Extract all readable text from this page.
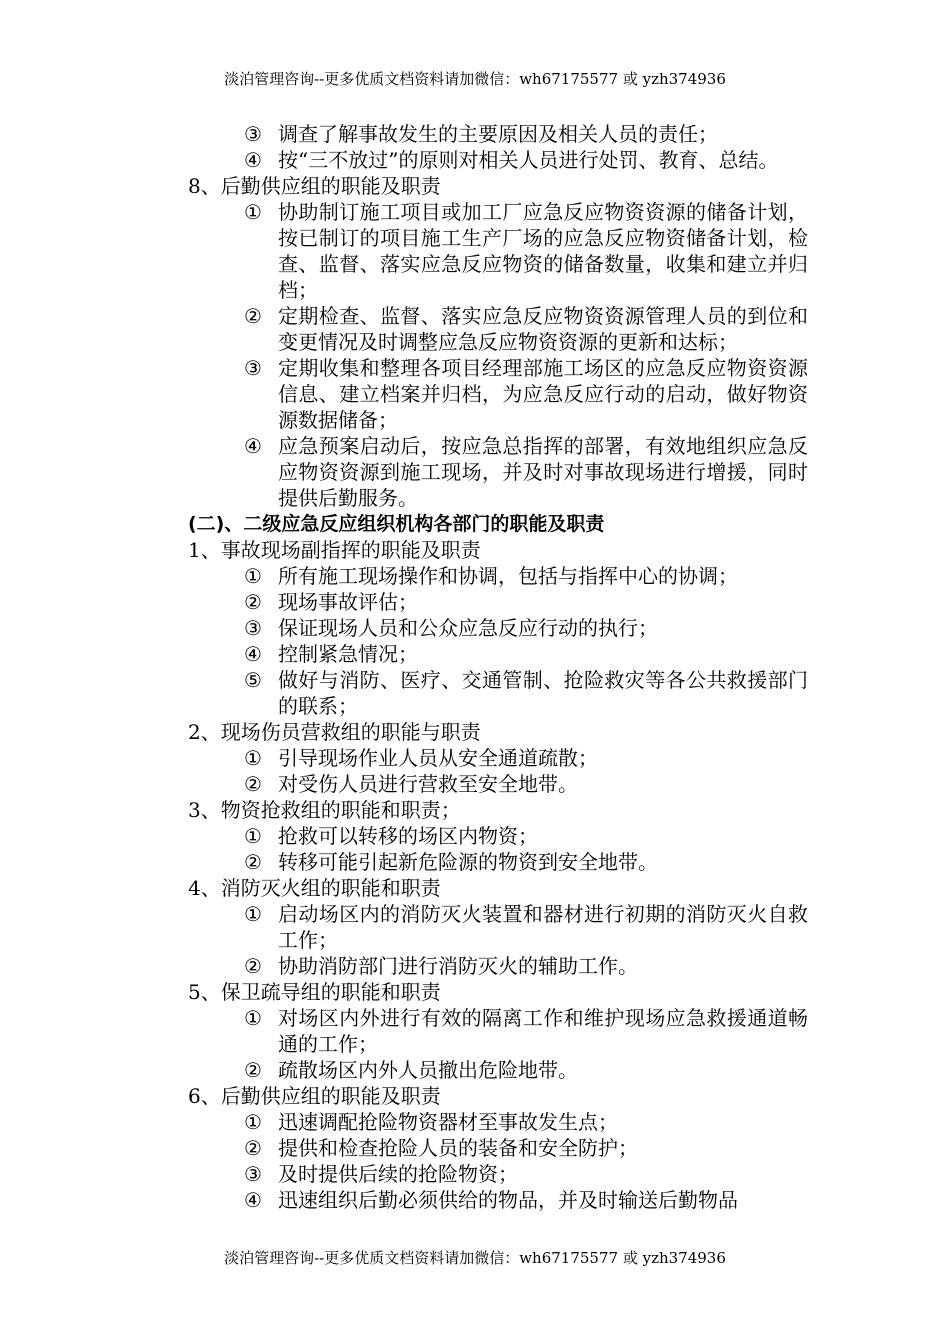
淡泊管理咨询--更多优质文档资料请加微信：wh67175577 或 yzh374936
③ 调查了解事故发生的主要原因及相关人员的责任；
④ 按“三不放过”的原则对相关人员进行处罚、教育、总结。
8、后勤供应组的职能及职责
① 协助制订施工项目或加工厂应急反应物资资源的储备计划，按已制订的项目施工生产厂场的应急反应物资储备计划，检查、监督、落实应急反应物资的储备数量，收集和建立并归档；
② 定期检查、监督、落实应急反应物资资源管理人员的到位和变更情况及时调整应急反应物资资源的更新和达标；
③ 定期收集和整理各项目经理部施工场区的应急反应物资资源信息、建立档案并归档，为应急反应行动的启动，做好物资源数据储备；
④ 应急预案启动后，按应急总指挥的部署，有效地组织应急反应物资资源到施工现场，并及时对事故现场进行增援，同时提供后勤服务。
(二)、二级应急反应组织机构各部门的职能及职责
1、事故现场副指挥的职能及职责
① 所有施工现场操作和协调，包括与指挥中心的协调；
② 现场事故评估；
③ 保证现场人员和公众应急反应行动的执行；
④ 控制紧急情况；
⑤ 做好与消防、医疗、交通管制、抢险救灾等各公共救援部门的联系；
2、现场伤员营救组的职能与职责
① 引导现场作业人员从安全通道疏散；
② 对受伤人员进行营救至安全地带。
3、物资抢救组的职能和职责；
① 抢救可以转移的场区内物资；
② 转移可能引起新危险源的物资到安全地带。
4、消防灭火组的职能和职责
① 启动场区内的消防灭火装置和器材进行初期的消防灭火自救工作；
② 协助消防部门进行消防灭火的辅助工作。
5、保卫疏导组的职能和职责
① 对场区内外进行有效的隔离工作和维护现场应急救援通道畅通的工作；
② 疏散场区内外人员撤出危险地带。
6、后勤供应组的职能及职责
① 迅速调配抢险物资器材至事故发生点；
② 提供和检查抢险人员的装备和安全防护；
③ 及时提供后续的抢险物资；
④ 迅速组织后勤必须供给的物品，并及时输送后勤物品
淡泊管理咨询--更多优质文档资料请加微信：wh67175577 或 yzh374936
